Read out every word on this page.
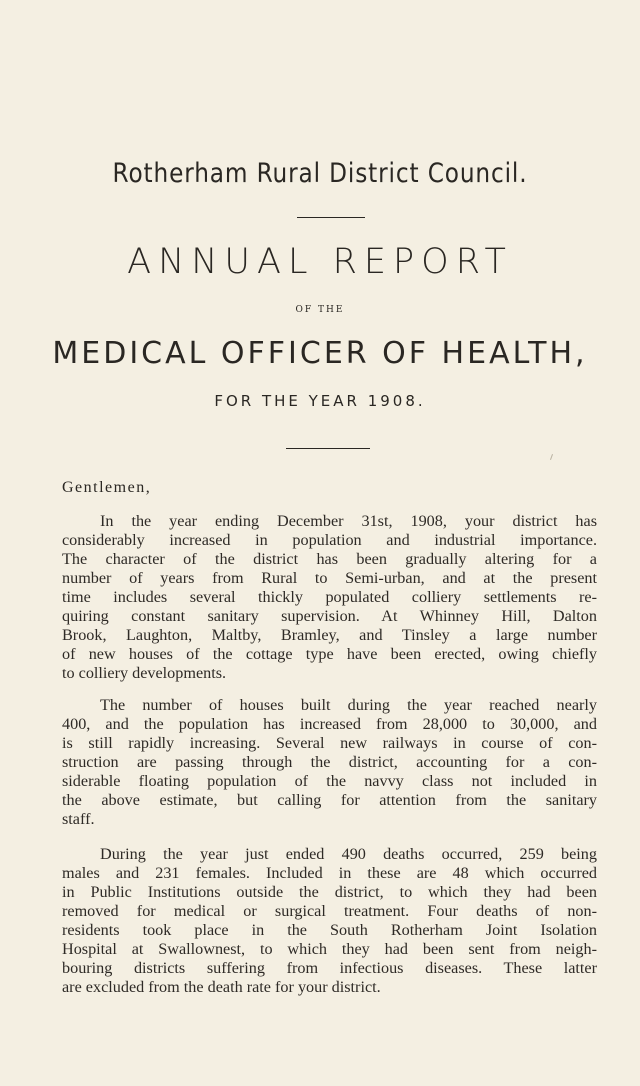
Rotherham Rural District Council.
ANNUAL REPORT
OF THE
MEDICAL OFFICER OF HEALTH,
FOR THE YEAR 1908.
Gentlemen,
In the year ending December 31st, 1908, your district has
considerably increased in population and industrial importance.
The character of the district has been gradually altering for a
number of years from Rural to Semi-urban, and at the present
time includes several thickly populated colliery settlements re-
quiring constant sanitary supervision. At Whinney Hill, Dalton
Brook, Laughton, Maltby, Bramley, and Tinsley a large number
of new houses of the cottage type have been erected, owing chiefly
to colliery developments.
The number of houses built during the year reached nearly
400, and the population has increased from 28,000 to 30,000, and
is still rapidly increasing. Several new railways in course of con-
struction are passing through the district, accounting for a con-
siderable floating population of the navvy class not included in
the above estimate, but calling for attention from the sanitary
staff.
During the year just ended 490 deaths occurred, 259 being
males and 231 females. Included in these are 48 which occurred
in Public Institutions outside the district, to which they had been
removed for medical or surgical treatment. Four deaths of non-
residents took place in the South Rotherham Joint Isolation
Hospital at Swallownest, to which they had been sent from neigh-
bouring districts suffering from infectious diseases. These latter
are excluded from the death rate for your district.
